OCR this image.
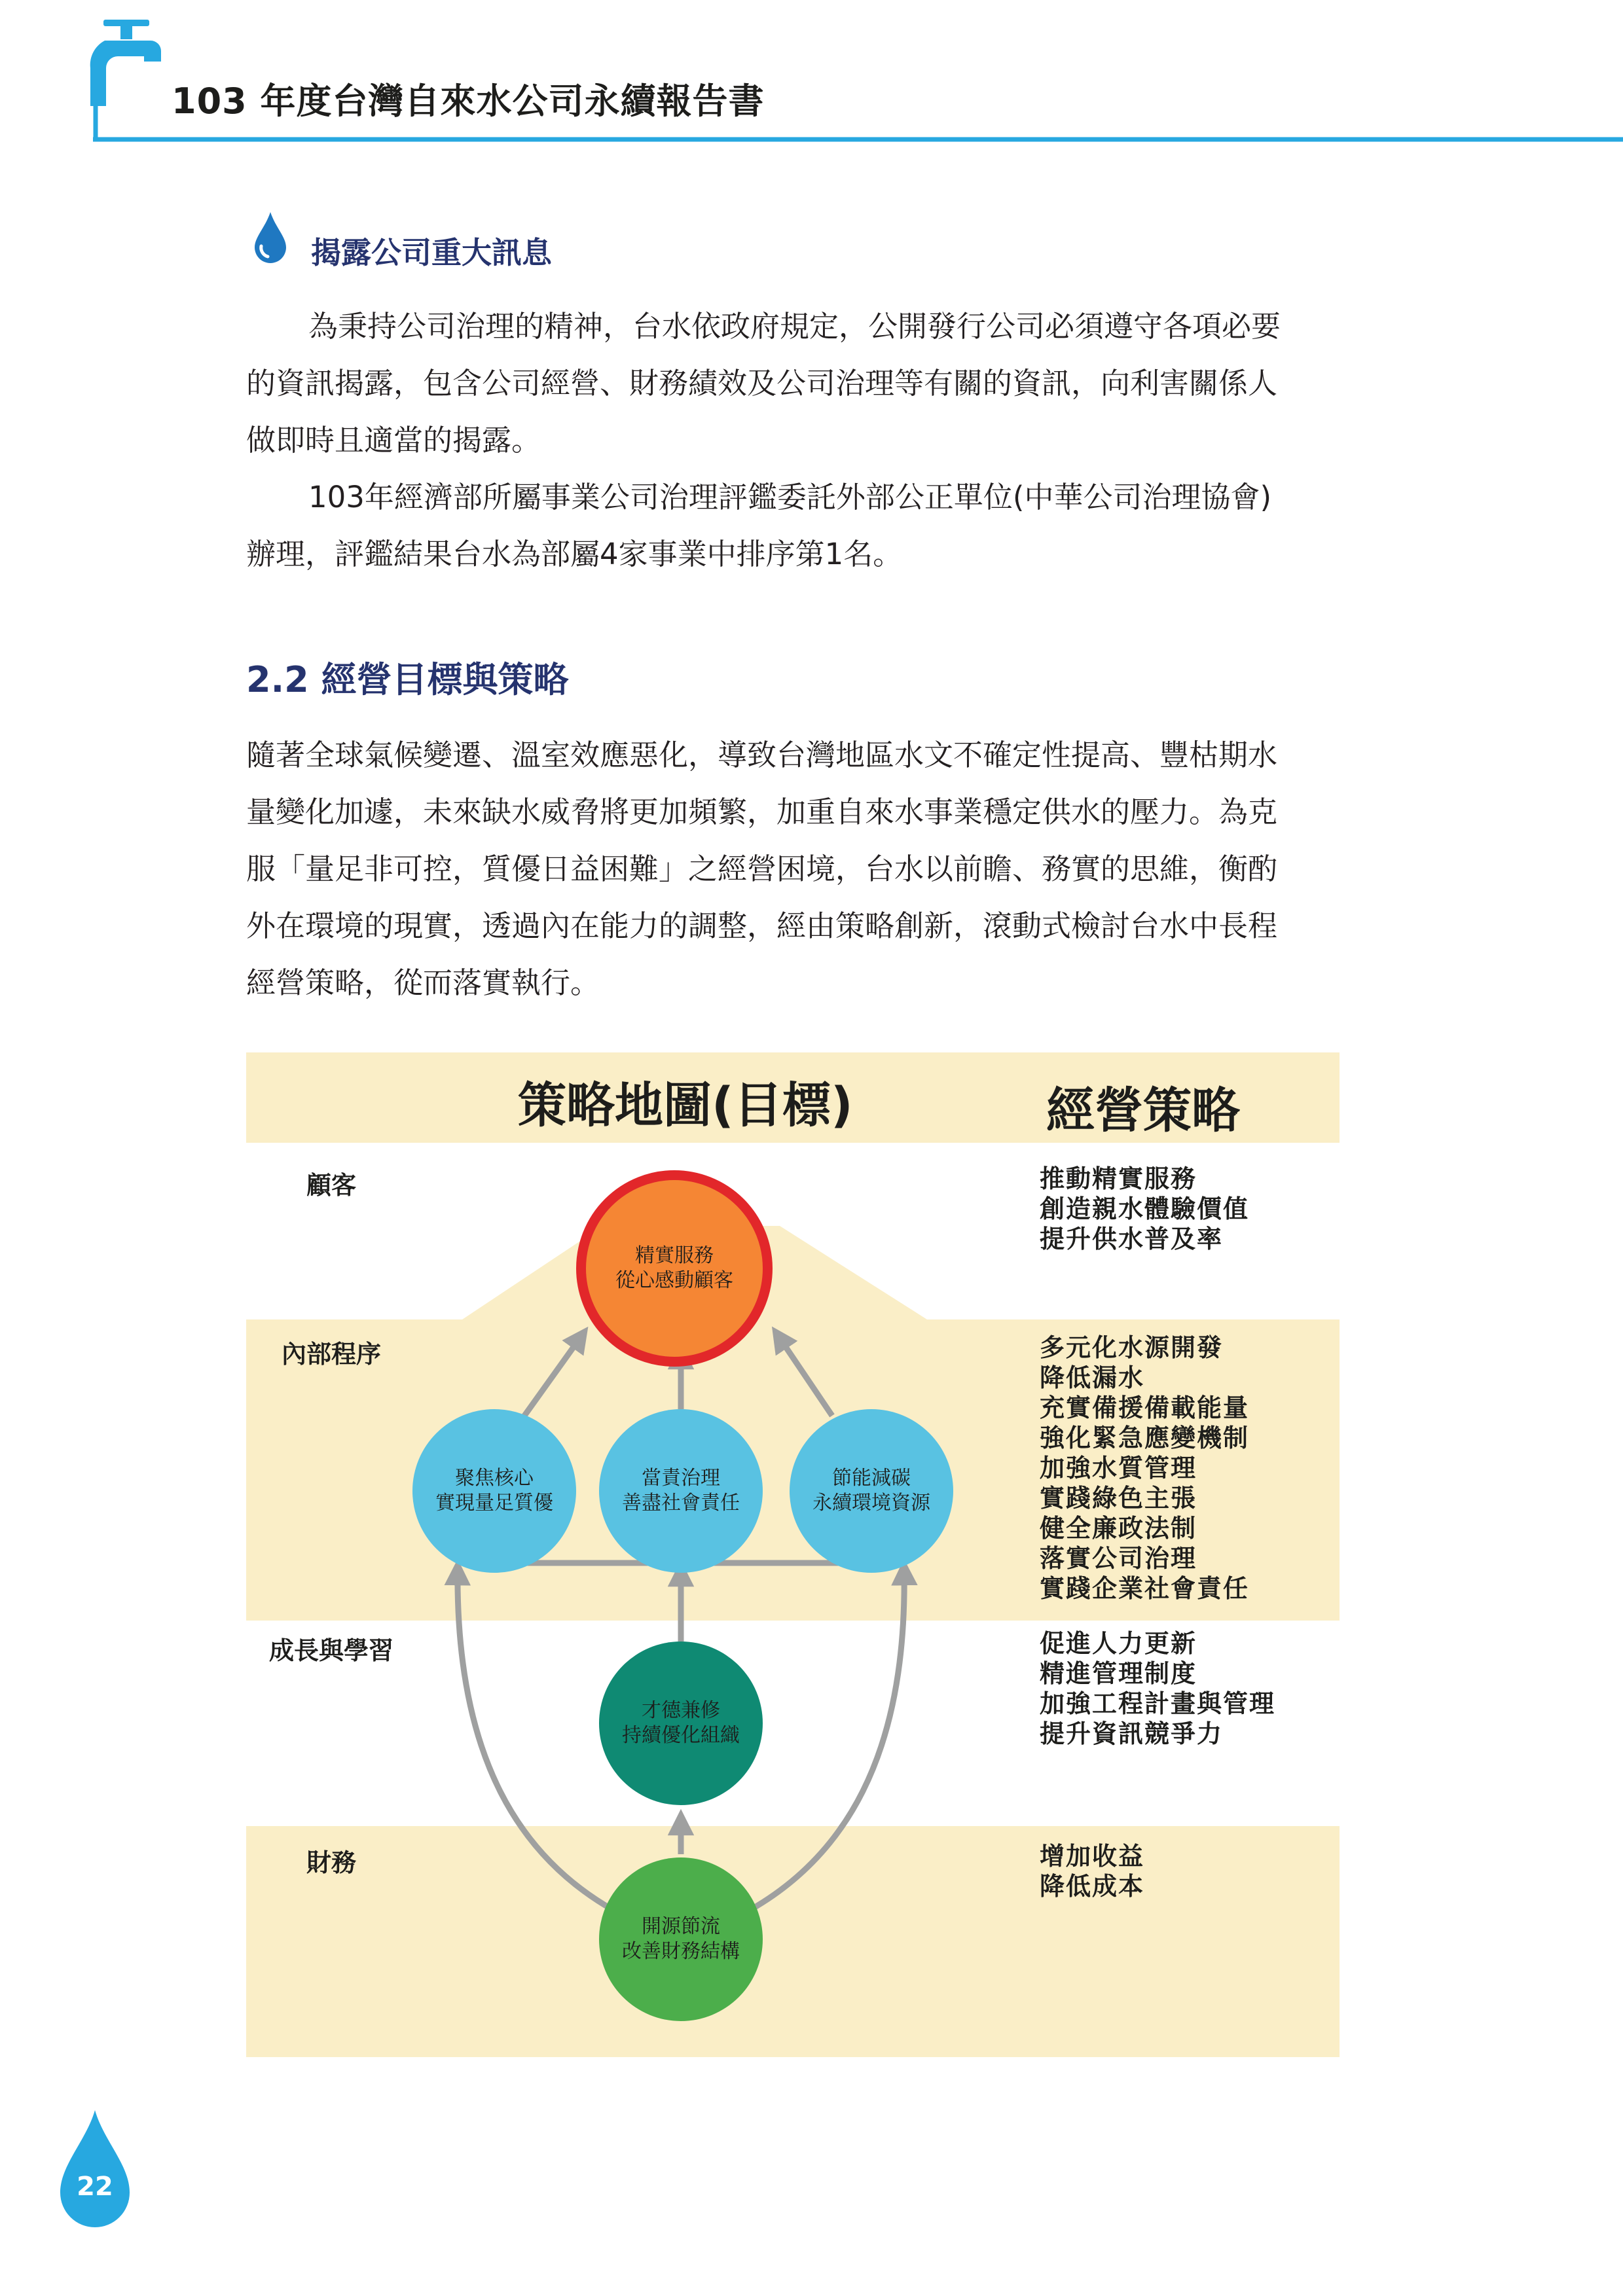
103 年度台灣自來水公司永續報告書
揭露公司重大訊息

為秉持公司治理的精神，台水依政府規定，公開發行公司必須遵守各項必要
的資訊揭露，包含公司經營、財務績效及公司治理等有關的資訊，向利害關係人
做即時且適當的揭露。

103年經濟部所屬事業公司治理評鑑委託外部公正單位(中華公司治理協會)
辦理，評鑑結果台水為部屬4家事業中排序第1名。

2.2 經營目標與策略

隨著全球氣候變遷、溫室效應惡化，導致台灣地區水文不確定性提高、豐枯期水
量變化加遽，未來缺水威脅將更加頻繁，加重自來水事業穩定供水的壓力。為克
服「量足非可控，質優日益困難」之經營困境，台水以前瞻、務實的思維，衡酌
外在環境的現實，透過內在能力的調整，經由策略創新，滾動式檢討台水中長程
經營策略，從而落實執行。

策略地圖(目標)	經營策略
顧客
內部程序
成長與學習
財務
精實服務
從心感動顧客
聚焦核心
實現量足質優
當責治理
善盡社會責任
節能減碳
永續環境資源
才德兼修
持續優化組織
開源節流
改善財務結構
推動精實服務
創造親水體驗價值
提升供水普及率
多元化水源開發
降低漏水
充實備援備載能量
強化緊急應變機制
加強水質管理
實踐綠色主張
健全廉政法制
落實公司治理
實踐企業社會責任
促進人力更新
精進管理制度
加強工程計畫與管理
提升資訊競爭力
增加收益
降低成本
22
